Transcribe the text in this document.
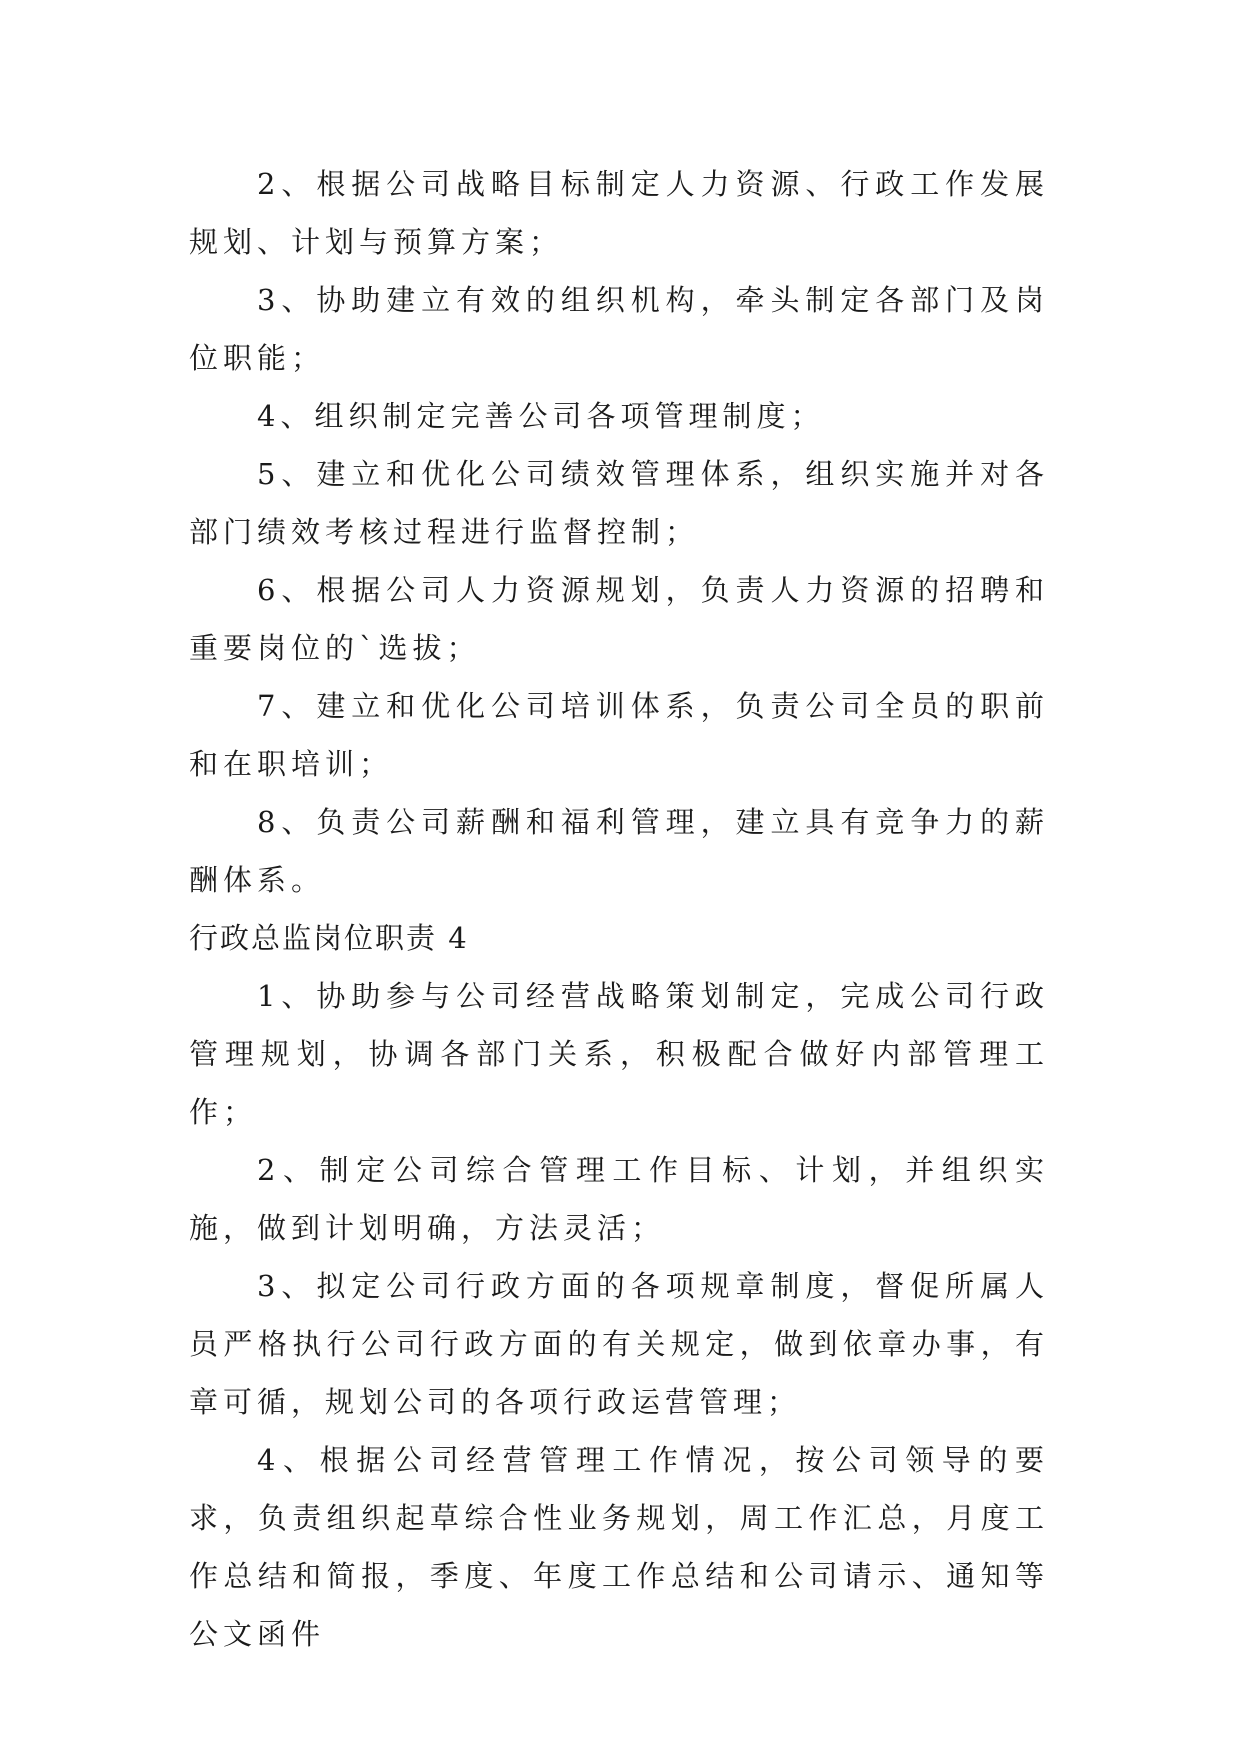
2、根据公司战略目标制定人力资源、行政工作发展规划、计划与预算方案；

3、协助建立有效的组织机构，牵头制定各部门及岗位职能；

4、组织制定完善公司各项管理制度；

5、建立和优化公司绩效管理体系，组织实施并对各部门绩效考核过程进行监督控制；

6、根据公司人力资源规划，负责人力资源的招聘和重要岗位的`选拔；

7、建立和优化公司培训体系，负责公司全员的职前和在职培训；

8、负责公司薪酬和福利管理，建立具有竞争力的薪酬体系。

行政总监岗位职责 4

1、协助参与公司经营战略策划制定，完成公司行政管理规划，协调各部门关系，积极配合做好内部管理工作；

2、制定公司综合管理工作目标、计划，并组织实施，做到计划明确，方法灵活；

3、拟定公司行政方面的各项规章制度，督促所属人员严格执行公司行政方面的有关规定，做到依章办事，有章可循，规划公司的各项行政运营管理；

4、根据公司经营管理工作情况，按公司领导的要求，负责组织起草综合性业务规划，周工作汇总，月度工作总结和简报，季度、年度工作总结和公司请示、通知等公文函件
